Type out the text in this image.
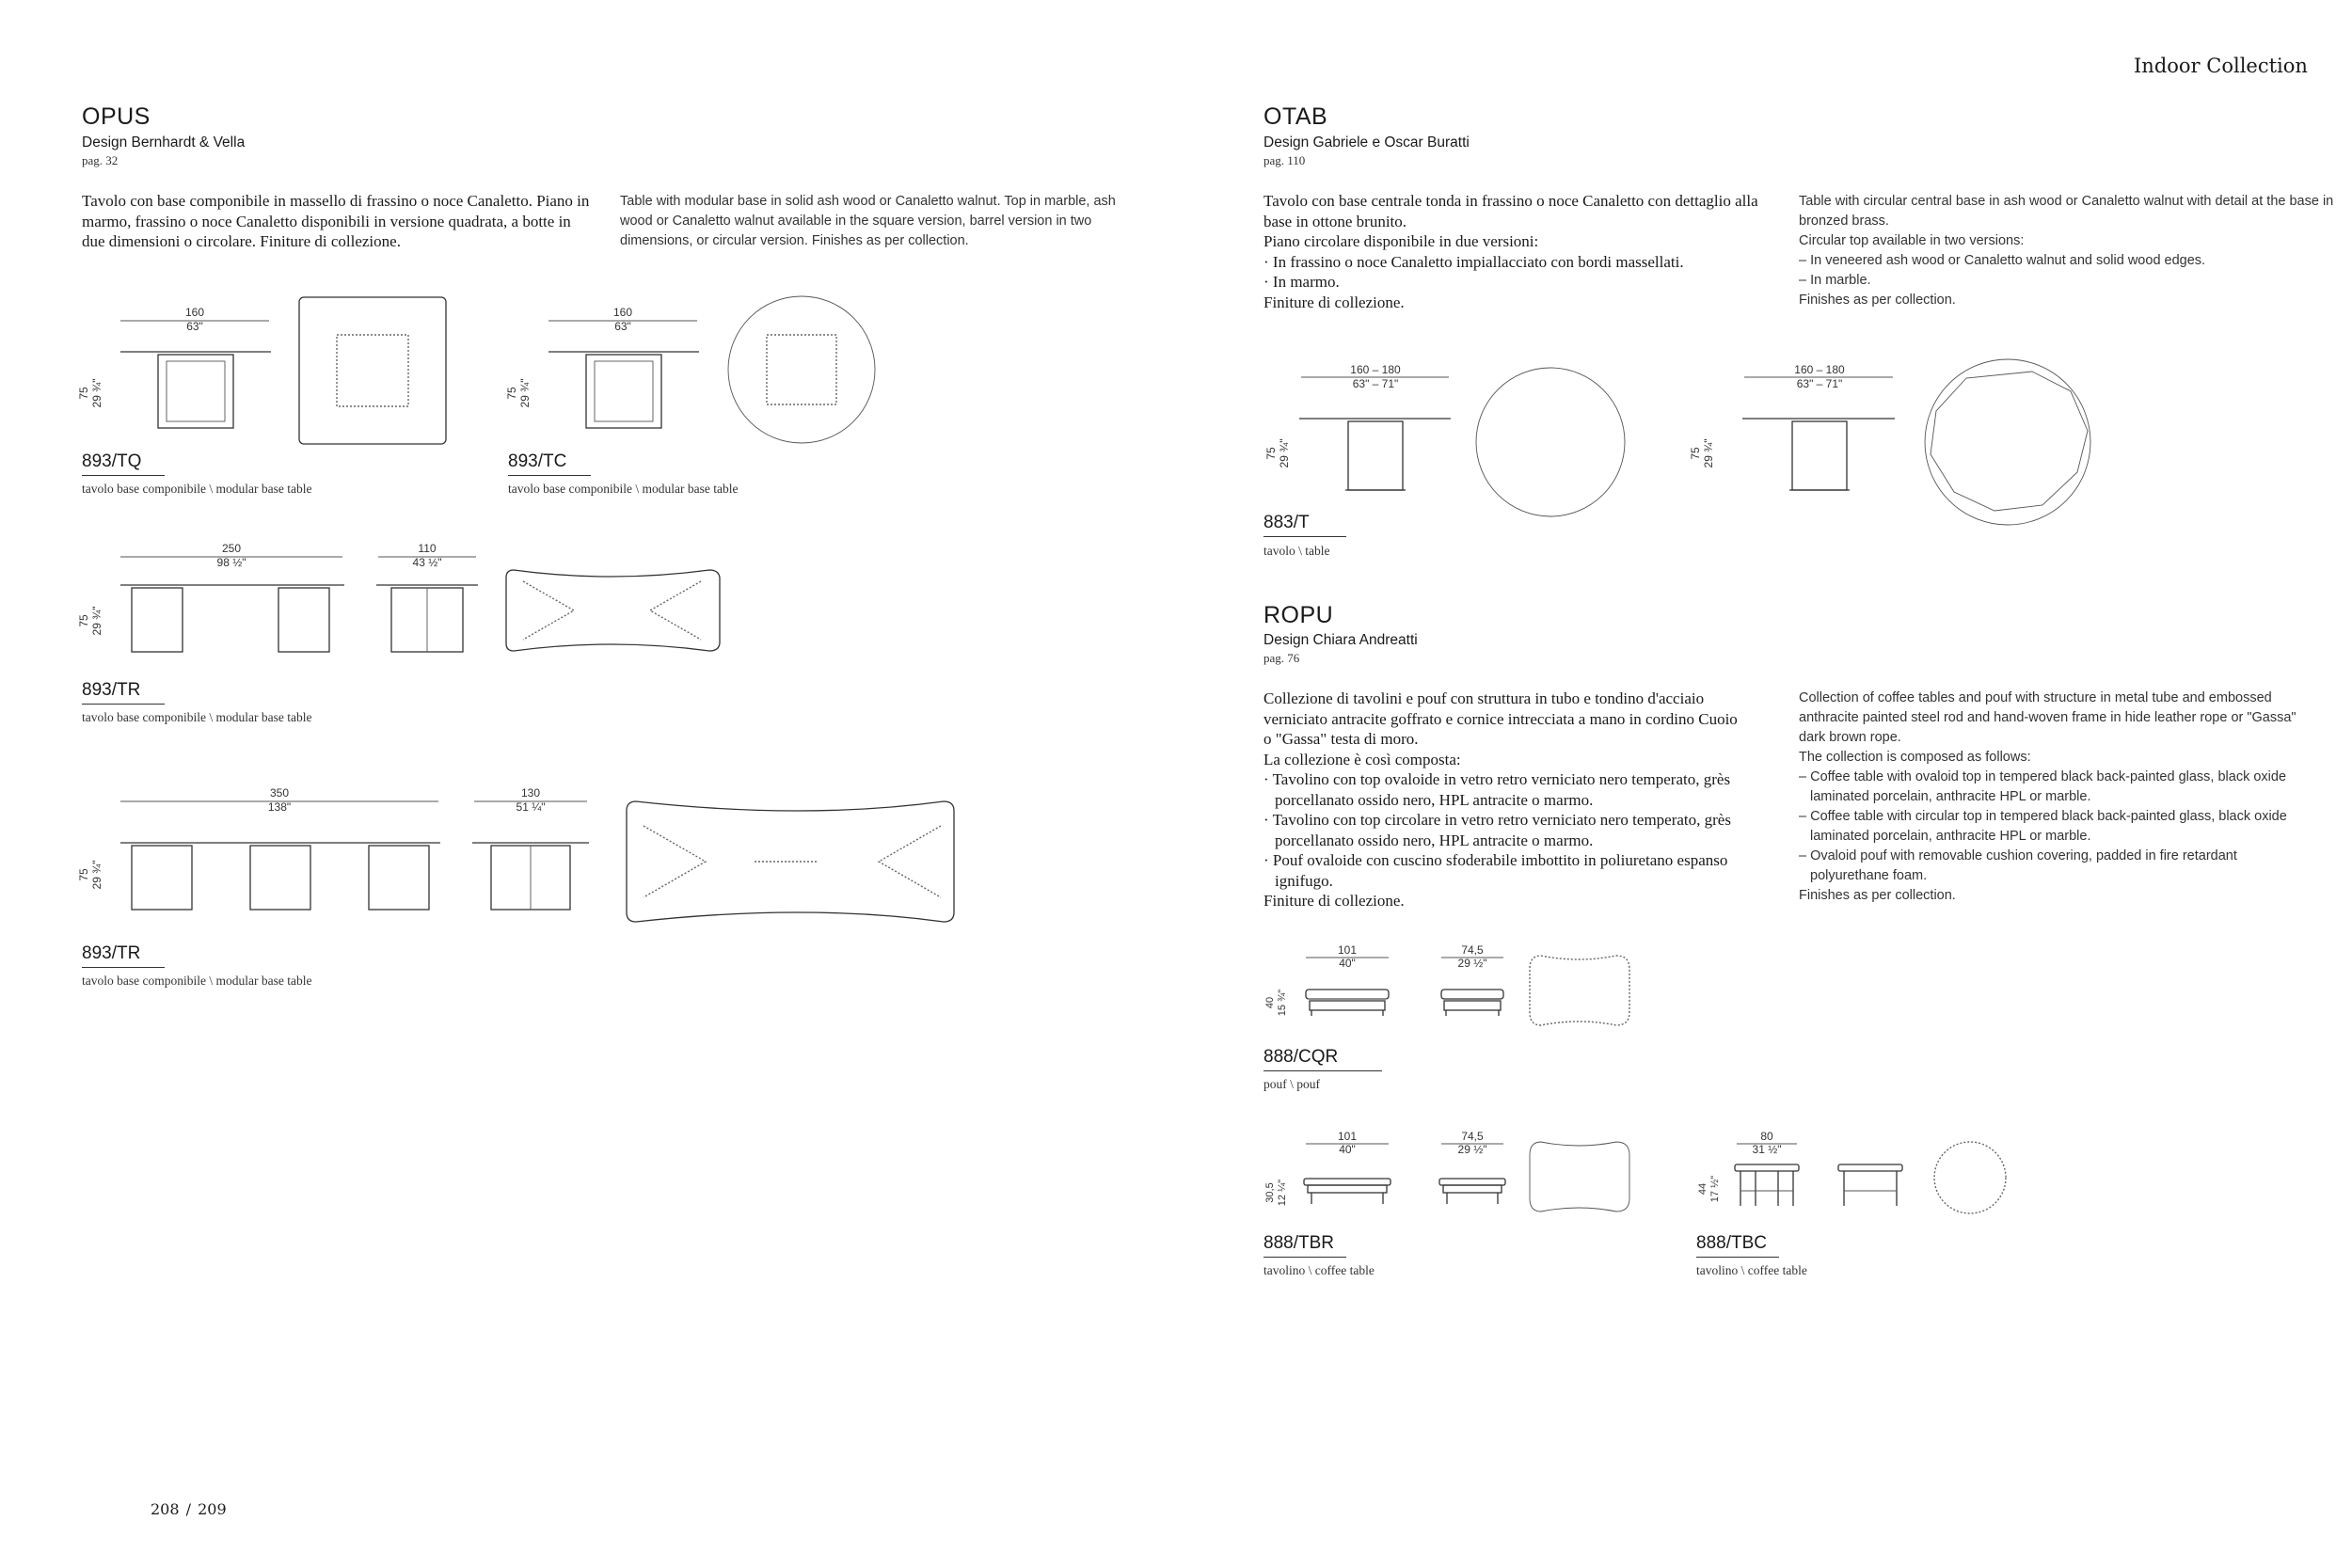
Indoor Collection
208 / 209
OPUS
Design Bernhardt & Vella
pag. 32

Tavolo con base componibile in massello di frassino o noce Canaletto. Piano in marmo, frassino o noce Canaletto disponibili in versione quadrata, a botte in due dimensioni o circolare. Finiture di collezione.

Table with modular base in solid ash wood or Canaletto walnut. Top in marble, ash wood or Canaletto walnut available in the square version, barrel version in two dimensions, or circular version. Finishes as per collection.

160
63"
75 29 ¾"
893/TQ
tavolo base componibile \ modular base table
160
63"
75 29 ¾"
893/TC
tavolo base componibile \ modular base table
250
98 ½"
75 29 ¾"
110
43 ½"
893/TR
tavolo base componibile \ modular base table
350
138"
75 29 ¾"
130
51 ¼"
893/TR
tavolo base componibile \ modular base table
OTAB
Design Gabriele e Oscar Buratti
pag. 110

Tavolo con base centrale tonda in frassino o noce Canaletto con dettaglio alla base in ottone brunito.

Piano circolare disponibile in due versioni:

· In frassino o noce Canaletto impiallacciato con bordi massellati.

· In marmo.

Finiture di collezione.

Table with circular central base in ash wood or Canaletto walnut with detail at the base in bronzed brass.

Circular top available in two versions:

– In veneered ash wood or Canaletto walnut and solid wood edges.

– In marble.

Finishes as per collection.

160 – 180
63" – 71"
75 29 ¾"
160 – 180
63" – 71"
75 29 ¾"
883/T
tavolo \ table
ROPU
Design Chiara Andreatti
pag. 76

Collezione di tavolini e pouf con struttura in tubo e tondino d'acciaio verniciato antracite goffrato e cornice intrecciata a mano in cordino Cuoio o "Gassa" testa di moro.

La collezione è così composta:

· Tavolino con top ovaloide in vetro retro verniciato nero temperato, grès porcellanato ossido nero, HPL antracite o marmo.

· Tavolino con top circolare in vetro retro verniciato nero temperato, grès porcellanato ossido nero, HPL antracite o marmo.

· Pouf ovaloide con cuscino sfoderabile imbottito in poliuretano espanso ignifugo.

Finiture di collezione.

Collection of coffee tables and pouf with structure in metal tube and embossed anthracite painted steel rod and hand-woven frame in hide leather rope or "Gassa" dark brown rope.

The collection is composed as follows:

– Coffee table with ovaloid top in tempered black back-painted glass, black oxide laminated porcelain, anthracite HPL or marble.

– Coffee table with circular top in tempered black back-painted glass, black oxide laminated porcelain, anthracite HPL or marble.

– Ovaloid pouf with removable cushion covering, padded in fire retardant polyurethane foam.

Finishes as per collection.

101
40"
40 15 ¾"
74,5
29 ½"
888/CQR
pouf \ pouf
101
40"
30,5 12 ¼"
74,5
29 ½"
888/TBR
tavolino \ coffee table
80
31 ½"
44 17 ½"
888/TBC
tavolino \ coffee table
